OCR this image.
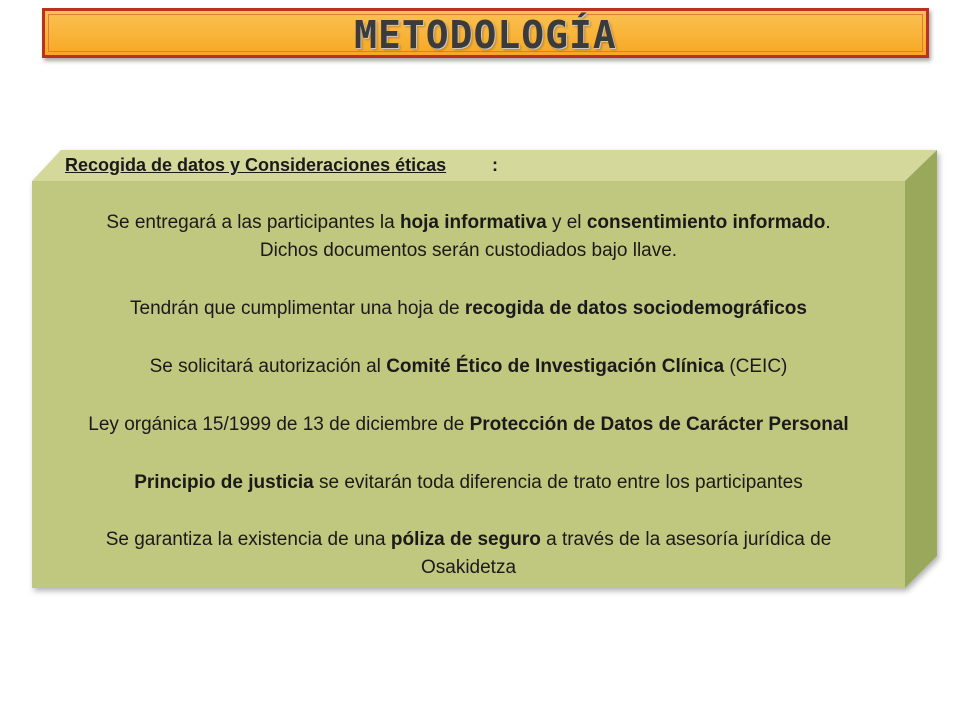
METODOLOGÍA
Recogida de datos y Consideraciones éticas	:
Se entregará a las participantes la hoja informativa y el consentimiento informado.
Dichos documentos serán custodiados bajo llave.
Tendrán que cumplimentar una hoja de recogida de datos sociodemográficos
Se solicitará autorización al Comité Ético de Investigación Clínica (CEIC)
Ley orgánica 15/1999 de 13 de diciembre de Protección de Datos de Carácter Personal
Principio de justicia se evitarán toda diferencia de trato entre los participantes
Se garantiza la existencia de una póliza de seguro a través de la asesoría jurídica de
Osakidetza
